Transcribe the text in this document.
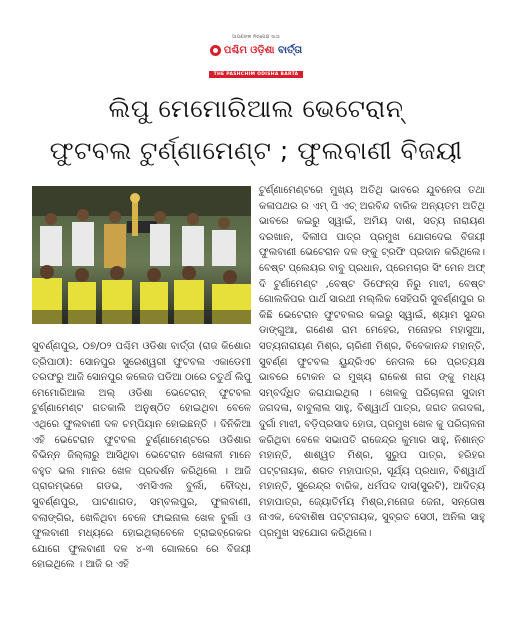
ଆପଣଙ୍କ ନିରପେକ୍ଷ ସାଥୀ
ପଶ୍ଚିମ ଓଡ଼ିଶା ବାର୍ତ୍ତା
THE PASHCHIM ODISHA BARTA
ଲିପୁ ମେମୋରିଆଲ ଭେଟେରାନ୍
ଫୁଟବଲ ଟୁର୍ଣ୍ଣାମେଣ୍ଟ ; ଫୁଲବାଣୀ ବିଜୟୀ

ଟୁର୍ଣ୍ଣାମେଣ୍ଟରେ ମୁଖ୍ୟ ଅତିଥି ଭାବରେ ଯୁବନେତା ତଥା କଳାପଥର ର ଏମ୍ ପି ଏଚ୍ ଅରବିନ୍ଦ ବାରିକ ଅନ୍ୟତମ ଅତିଥି ଭାବରେ କଇରୁ ସ୍ୱାଇଁ, ଅମିୟ ଦାଶ, ସତ୍ୟ ନାରାୟଣ ଦରଖାନ, ଦିଲୀପ ପାତ୍ର ପ୍ରମୁଖ ଯୋଗଦେଇ ବିଜୟୀ ଫୁଲବାଣୀ ଭେଟେରାନ ଦଳ ଙ୍କୁ ଟ୍ରଫି ପ୍ରଦାନ କରିଥିଲେ। ବେଷ୍ଟ ପ୍ଲେୟର ବାବୁ ପ୍ରଧାନ, ପ୍ରେମଚାର ସିଂ ମେନ ଅଫ୍ ଦି ଟୁର୍ଣାମେଣ୍ଟ ,ବେଷ୍ଟ ଡିଫେନ୍ସ ନିରୁ ମାଝୀ, ବେଷ୍ଟ ଗୋଲକିପର ପାର୍ଥ ସାରଥୀ ମଲ୍ଲିକ ସେହିପରି ସୁବର୍ଣ୍ଣପୁର ର କିଛି ଭେଟେରାନ ଫୁଟବଲର କଇରୁ ସ୍ୱାଇଁ, ଶ୍ୟାମ ସୁନ୍ଦର ଡାଙ୍ଗୁଆ, ଗଣେଶ ରାମ ମେହେର, ମନୋହର ମହାସୁଆ, ସତ୍ୟନାରାୟଣ ମିଶ୍ର, ଚାରିଣୀ ମିଶ୍ର, ବିବେକାନନ୍ଦ ମହାନ୍ତି, ସୁବର୍ଣ୍ଣ ଫୁଟବଲ ୟୁନ୍ଦ୍ରିଏଚ ନେତାଲ ରେ ପ୍ରତ୍ୟକ୍ଷ ଭାବରେ ଟୋକନ ର ମୁଖ୍ୟ ରାକେଶ ନାଗ ଙ୍କୁ ମଧ୍ୟ ସମ୍ବର୍ଦ୍ଧିତ କରାଯାଇଥିଲା । ଖେଳକୁ ପରିଚାଳନା ସୁଦାମ ଜଗଦଳା, ବାବୁଲାଲ ସାହୁ, ବିଶ୍ୱାର୍ଥ ପାତ୍ର, ଜଗତ ଜଗଦଳା, ଦୁର୍ଗା ମାଝୀ, ବଡ଼ିପ୍ରସାଦ ହୋତା, ପ୍ରମୁଖ ଖେଳ କୁ ପରିଚାଳନା କରିଥିବା ବେଳେ ସଭାପତି ରାଜେନ୍ଦ୍ର କୁମାର ସାହୁ, ନିଶାନ୍ତ ମହାନ୍ତି, ଶାଶ୍ୱତ ମିଶ୍ର, ସୁରୁପ ପାତ୍ର, ହରିହର ପଟ୍ଟନାୟକ, ଶରତ ମହାପାତ୍ର, ସୂର୍ଯ୍ୟ ପ୍ରଧାନ, ବିଶ୍ୱାର୍ଥ ମହାନ୍ତି, ସୁରେନ୍ଦ୍ର ବାରିକ, ଧର୍ମପଦ ଦାସ(ସୁରଟି), ଆଦିତ୍ୟ ମହାପାତ୍ର, ଜ୍ୟୋତିର୍ମୟ ମିଶ୍ର,ମନୋଜ ଜେନା, ସନ୍ତୋଷ ନାଏକ, ଦେବାଶିଷ ପଟ୍ଟନାୟକ, ସୁବ୍ରତ ସେଠୀ, ଅନିଲ ସାହୁ ପ୍ରମୁଖ ସହଯୋଗ କରିଥିଲେ।

ସୁବର୍ଣ୍ଣପୁର, ୦୭/୦୨ ପଶ୍ଚିମ ଓଡିଶା ବାର୍ତ୍ତା (ରାଜ କିଶୋର ତ୍ରିପାଠୀ): ସୋନପୁର ସୁରେଶ୍ୱରୀ ଫୁଟବଲ ଏକାଡେମୀ ତରଫରୁ ଆଜି ସୋନପୁର କଲେଜ ପଡିଆ ଠାରେ ଚତୁର୍ଥ ଲିପୁ ମେମୋରିଆଲ ଅଲ୍ ଓଡିଶା ଭେଟେରାନ୍ ଫୁଟବଲ ଟୁର୍ଣ୍ଣାମେଣ୍ଟ ଗତକାଲି ଅନୁଷ୍ଠିତ ହୋଇଥିବା ବେଳେ ଏଥିରେ ଫୁଲବାଣୀ ଦଳ ଚମ୍ପିୟାନ ହୋଇଛନ୍ତି । ଦିନିକିଆ ଏହି ଭେଟେରାନ ଫୁଟବଲ ଟୁର୍ଣ୍ଣାମେଣ୍ଟରେ ଓଡିଶାର ବିଭିନ୍ନ ଜିଲ୍ଲାରୁ ଆସିଥିବା ଭେଟେରାନ ଖେଳାଳୀ ମାନେ ବହୁତ ଭଲ ମାନର ଖେଳ ପ୍ରଦର୍ଶନ କରିଥିଲେ । ଆଜି ପ୍ରାରମ୍ଭରେ ଗଡଭ, ଏମସିଏଲ ବୁର୍ଲା, ବୌଦ୍ଧ, ସୁବର୍ଣ୍ଣପୁର, ପାଟଣାଗଡ, ସମ୍ବଲପୁର, ଫୁଲବାଣୀ, ବଲାଙ୍ଗିର, ଖେଳିଥିବା ବେଳେ ଫାଇନାଲ ଖେଳ ବୁର୍ଲା ଓ ଫୁଲବାଣୀ ମଧ୍ୟରେ ହୋଇଥିଲାବେଳେ ଟ୍ରାଇବ୍ରେକର ଯୋଗେ ଫୁଲବାଣୀ ଦଳ ୪-୩ ଗୋଲରେ ରେ ବିଜୟୀ ହୋଇଥିଲେ । ଆଜି ର ଏହି
